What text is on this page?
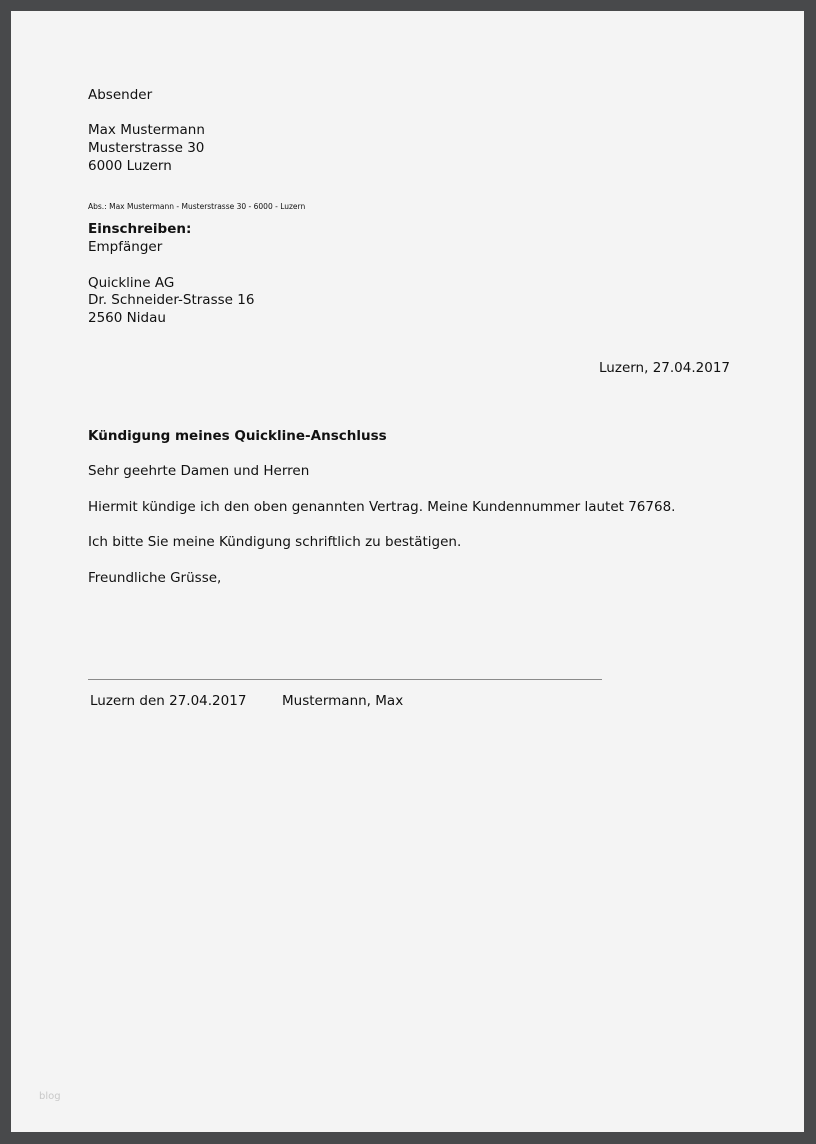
Absender
Max Mustermann
Musterstrasse 30
6000 Luzern
Abs.: Max Mustermann - Musterstrasse 30 - 6000 - Luzern
Einschreiben:
Empfänger
Quickline AG
Dr. Schneider-Strasse 16
2560 Nidau
Luzern, 27.04.2017
Kündigung meines Quickline-Anschluss
Sehr geehrte Damen und Herren
Hiermit kündige ich den oben genannten Vertrag. Meine Kundennummer lautet 76768.
Ich bitte Sie meine Kündigung schriftlich zu bestätigen.
Freundliche Grüsse,
Luzern den 27.04.2017	Mustermann, Max
blog
